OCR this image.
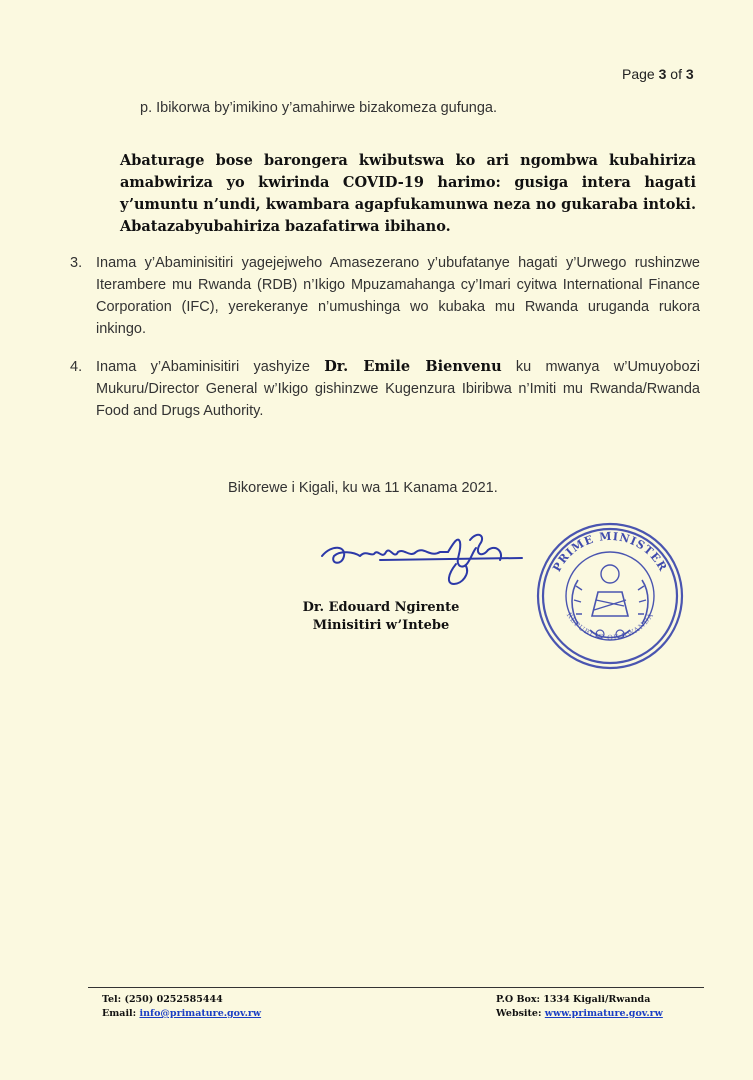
Page 3 of 3
p. Ibikorwa by’imikino y’amahirwe bizakomeza gufunga.
Abaturage bose barongera kwibutswa ko ari ngombwa kubahiriza amabwiriza yo kwirinda COVID-19 harimo: gusiga intera hagati y’umuntu n’undi, kwambara agapfukamunwa neza no gukaraba intoki. Abatazabyubahiriza bazafatirwa ibihano.
3. Inama y’Abaminisitiri yagejejweho Amasezerano y’ubufatanye hagati y’Urwego rushinzwe Iterambere mu Rwanda (RDB) n’Ikigo Mpuzamahanga cy’Imari cyitwa International Finance Corporation (IFC), yerekeranye n’umushinga wo kubaka mu Rwanda uruganda rukora inkingo.
4. Inama y’Abaminisitiri yashyize Dr. Emile Bienvenu ku mwanya w’Umuyobozi Mukuru/Director General w’Ikigo gishinzwe Kugenzura Ibiribwa n’Imiti mu Rwanda/Rwanda Food and Drugs Authority.
Bikorewe i Kigali, ku wa 11 Kanama 2021.
Dr. Edouard Ngirente
Minisitiri w’Intebe
PRIME MINISTER
REPUBLIC OF RWANDA
Tel: (250) 0252585444
Email: info@primature.gov.rw
P.O Box: 1334 Kigali/Rwanda
Website: www.primature.gov.rw
